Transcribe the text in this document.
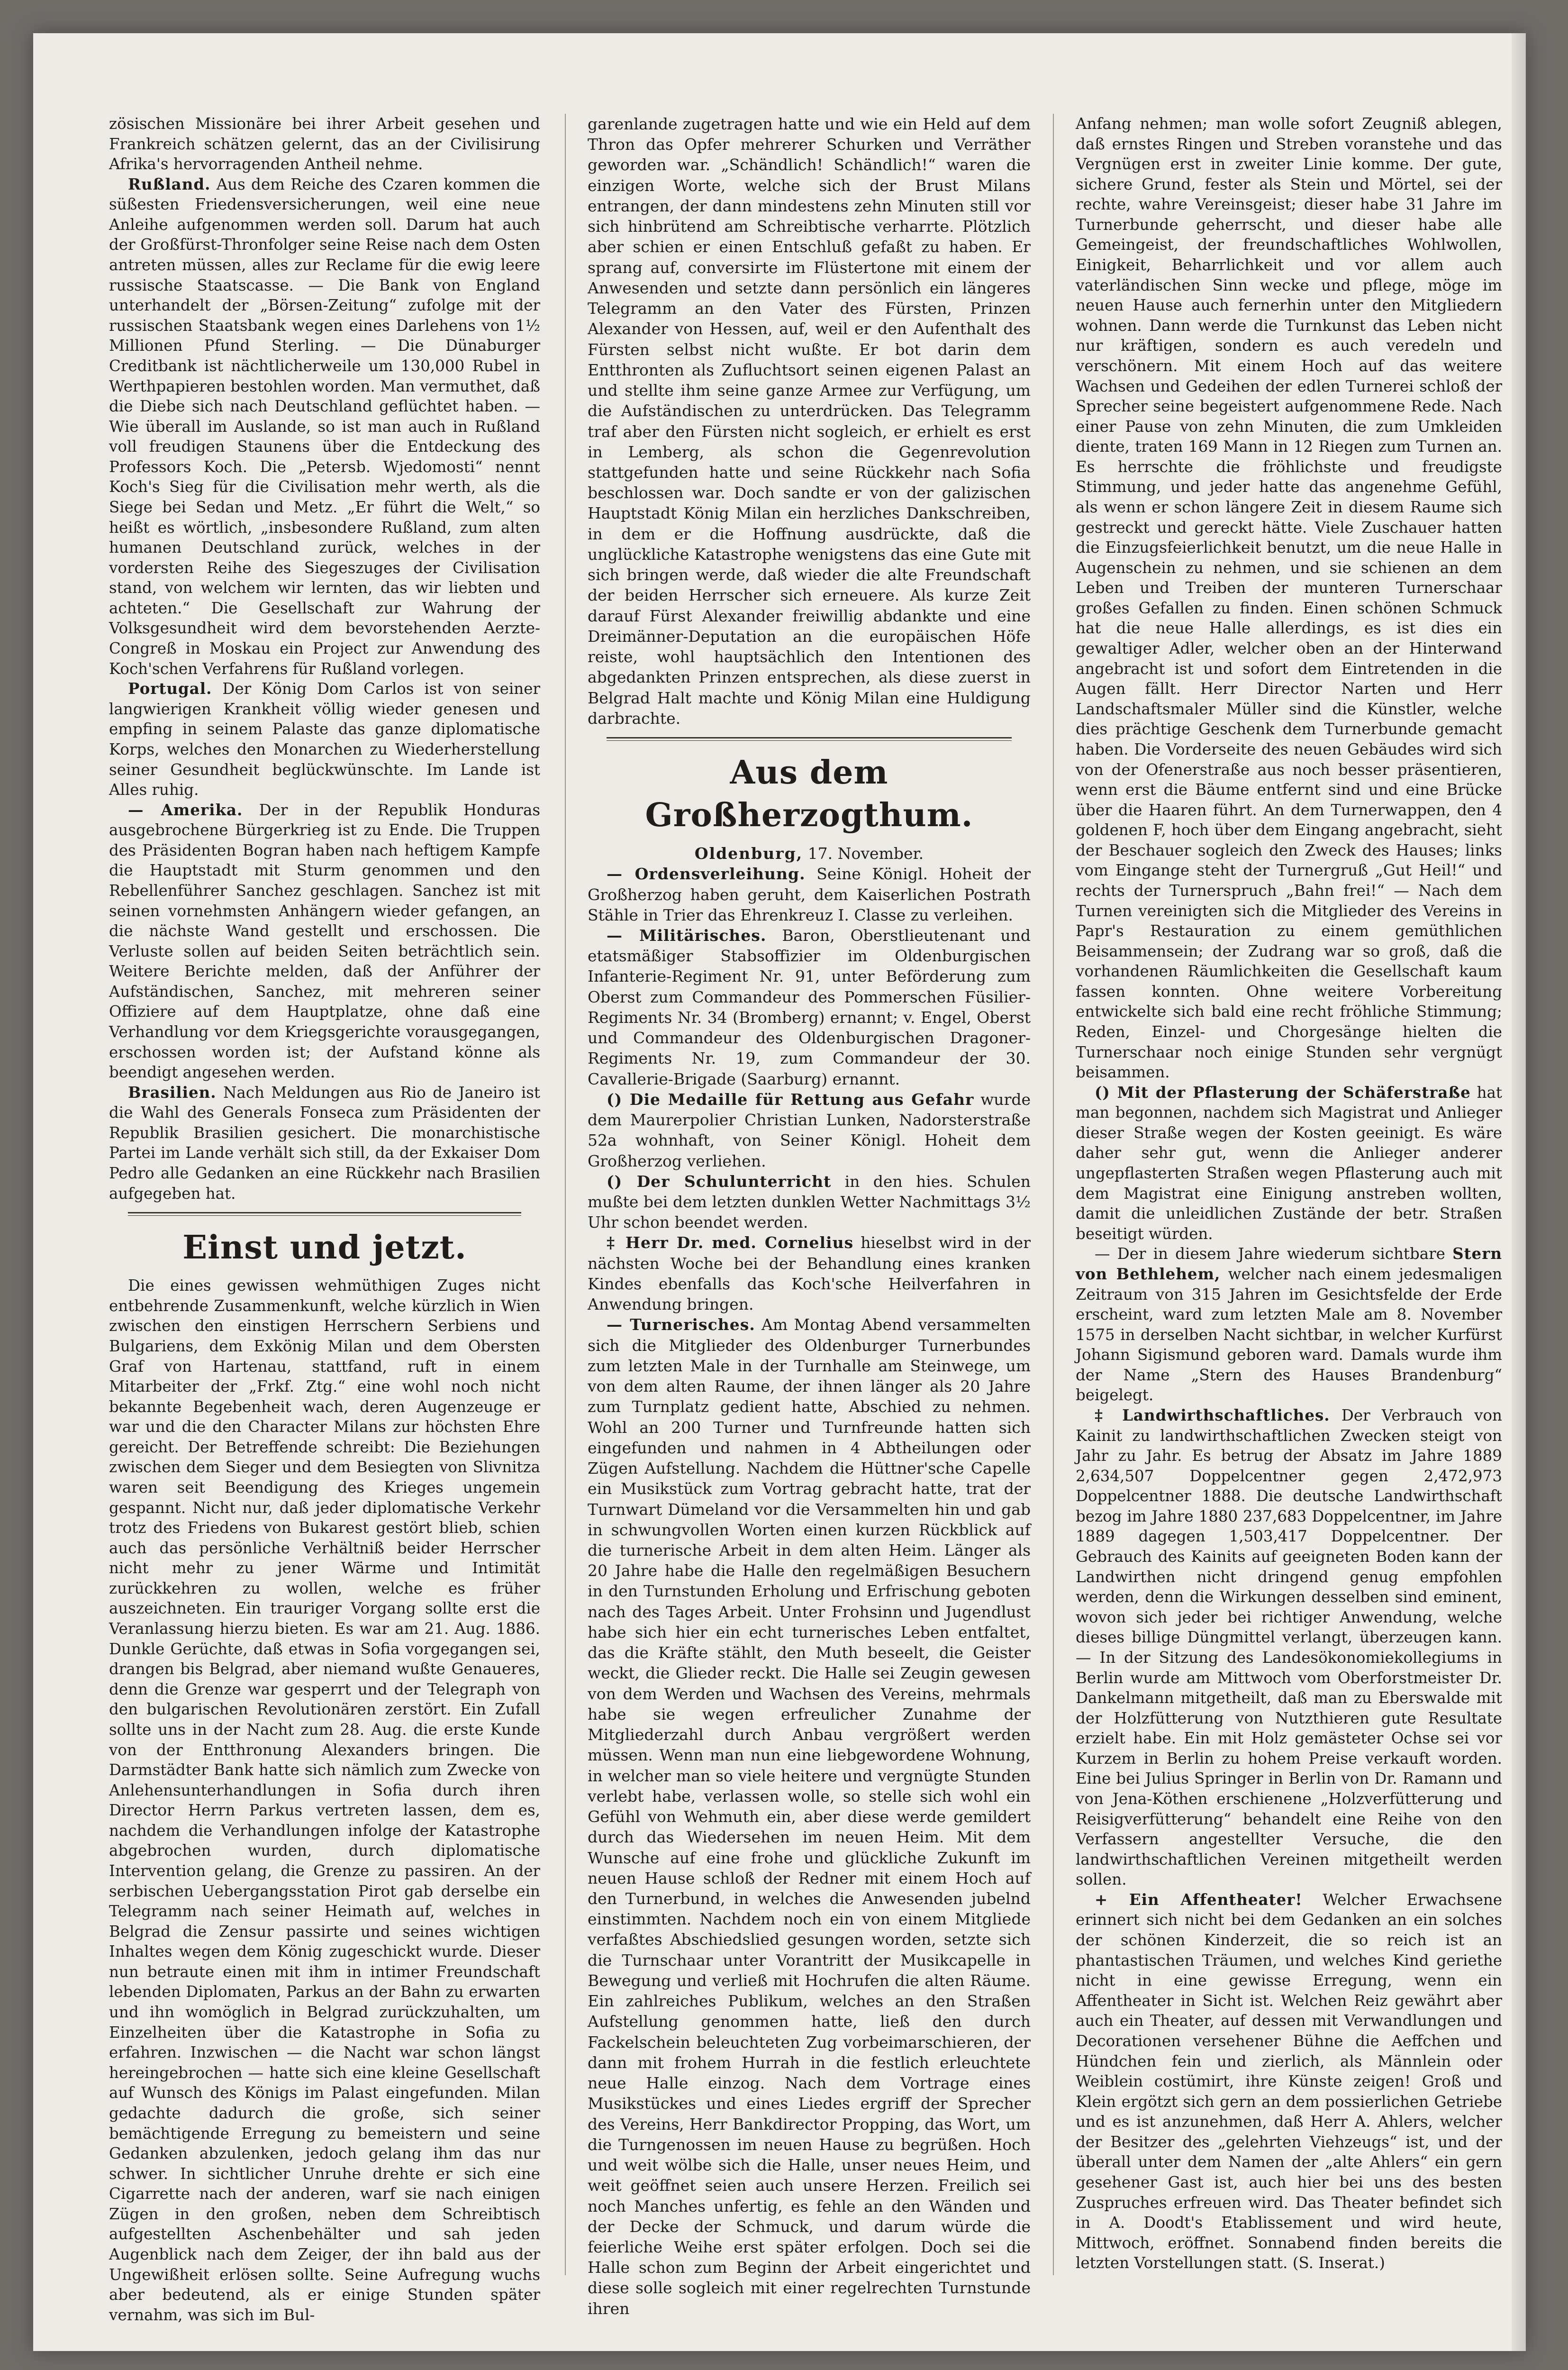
zösischen Missionäre bei ihrer Arbeit gesehen und Frankreich schätzen gelernt, das an der Civilisirung Afrika's hervorragenden Antheil nehme.

Rußland. Aus dem Reiche des Czaren kommen die süßesten Friedensversicherungen, weil eine neue Anleihe aufgenommen werden soll. Darum hat auch der Großfürst-Thronfolger seine Reise nach dem Osten antreten müssen, alles zur Reclame für die ewig leere russische Staatscasse. — Die Bank von England unterhandelt der „Börsen-Zeitung“ zufolge mit der russischen Staatsbank wegen eines Darlehens von 1½ Millionen Pfund Sterling. — Die Dünaburger Creditbank ist nächtlicherweile um 130,000 Rubel in Werthpapieren bestohlen worden. Man vermuthet, daß die Diebe sich nach Deutschland geflüchtet haben. — Wie überall im Auslande, so ist man auch in Rußland voll freudigen Staunens über die Entdeckung des Professors Koch. Die „Petersb. Wjedomosti“ nennt Koch's Sieg für die Civilisation mehr werth, als die Siege bei Sedan und Metz. „Er führt die Welt,“ so heißt es wörtlich, „insbesondere Rußland, zum alten humanen Deutschland zurück, welches in der vordersten Reihe des Siegeszuges der Civilisation stand, von welchem wir lernten, das wir liebten und achteten.“ Die Gesellschaft zur Wahrung der Volksgesundheit wird dem bevorstehenden Aerzte-Congreß in Moskau ein Project zur Anwendung des Koch'schen Verfahrens für Rußland vorlegen.

Portugal. Der König Dom Carlos ist von seiner langwierigen Krankheit völlig wieder genesen und empfing in seinem Palaste das ganze diplomatische Korps, welches den Monarchen zu Wiederherstellung seiner Gesundheit beglückwünschte. Im Lande ist Alles ruhig.

— Amerika. Der in der Republik Honduras ausgebrochene Bürgerkrieg ist zu Ende. Die Truppen des Präsidenten Bogran haben nach heftigem Kampfe die Hauptstadt mit Sturm genommen und den Rebellenführer Sanchez geschlagen. Sanchez ist mit seinen vornehmsten Anhängern wieder gefangen, an die nächste Wand gestellt und erschossen. Die Verluste sollen auf beiden Seiten beträchtlich sein. Weitere Berichte melden, daß der Anführer der Aufständischen, Sanchez, mit mehreren seiner Offiziere auf dem Hauptplatze, ohne daß eine Verhandlung vor dem Kriegsgerichte vorausgegangen, erschossen worden ist; der Aufstand könne als beendigt angesehen werden.

Brasilien. Nach Meldungen aus Rio de Janeiro ist die Wahl des Generals Fonseca zum Präsidenten der Republik Brasilien gesichert. Die monarchistische Partei im Lande verhält sich still, da der Exkaiser Dom Pedro alle Gedanken an eine Rückkehr nach Brasilien aufgegeben hat.

Einst und jetzt.

Die eines gewissen wehmüthigen Zuges nicht entbehrende Zusammenkunft, welche kürzlich in Wien zwischen den einstigen Herrschern Serbiens und Bulgariens, dem Exkönig Milan und dem Obersten Graf von Hartenau, stattfand, ruft in einem Mitarbeiter der „Frkf. Ztg.“ eine wohl noch nicht bekannte Begebenheit wach, deren Augenzeuge er war und die den Character Milans zur höchsten Ehre gereicht. Der Betreffende schreibt: Die Beziehungen zwischen dem Sieger und dem Besiegten von Slivnitza waren seit Beendigung des Krieges ungemein gespannt. Nicht nur, daß jeder diplomatische Verkehr trotz des Friedens von Bukarest gestört blieb, schien auch das persönliche Verhältniß beider Herrscher nicht mehr zu jener Wärme und Intimität zurückkehren zu wollen, welche es früher auszeichneten. Ein trauriger Vorgang sollte erst die Veranlassung hierzu bieten. Es war am 21. Aug. 1886. Dunkle Gerüchte, daß etwas in Sofia vorgegangen sei, drangen bis Belgrad, aber niemand wußte Genaueres, denn die Grenze war gesperrt und der Telegraph von den bulgarischen Revolutionären zerstört. Ein Zufall sollte uns in der Nacht zum 28. Aug. die erste Kunde von der Entthronung Alexanders bringen. Die Darmstädter Bank hatte sich nämlich zum Zwecke von Anlehensunterhandlungen in Sofia durch ihren Director Herrn Parkus vertreten lassen, dem es, nachdem die Verhandlungen infolge der Katastrophe abgebrochen wurden, durch diplomatische Intervention gelang, die Grenze zu passiren. An der serbischen Uebergangsstation Pirot gab derselbe ein Telegramm nach seiner Heimath auf, welches in Belgrad die Zensur passirte und seines wichtigen Inhaltes wegen dem König zugeschickt wurde. Dieser nun betraute einen mit ihm in intimer Freundschaft lebenden Diplomaten, Parkus an der Bahn zu erwarten und ihn womöglich in Belgrad zurückzuhalten, um Einzelheiten über die Katastrophe in Sofia zu erfahren. Inzwischen — die Nacht war schon längst hereingebrochen — hatte sich eine kleine Gesellschaft auf Wunsch des Königs im Palast eingefunden. Milan gedachte dadurch die große, sich seiner bemächtigende Erregung zu bemeistern und seine Gedanken abzulenken, jedoch gelang ihm das nur schwer. In sichtlicher Unruhe drehte er sich eine Cigarrette nach der anderen, warf sie nach einigen Zügen in den großen, neben dem Schreibtisch aufgestellten Aschenbehälter und sah jeden Augenblick nach dem Zeiger, der ihn bald aus der Ungewißheit erlösen sollte. Seine Aufregung wuchs aber bedeutend, als er einige Stunden später vernahm, was sich im Bul-

garenlande zugetragen hatte und wie ein Held auf dem Thron das Opfer mehrerer Schurken und Verräther geworden war. „Schändlich! Schändlich!“ waren die einzigen Worte, welche sich der Brust Milans entrangen, der dann mindestens zehn Minuten still vor sich hinbrütend am Schreibtische verharrte. Plötzlich aber schien er einen Entschluß gefaßt zu haben. Er sprang auf, conversirte im Flüstertone mit einem der Anwesenden und setzte dann persönlich ein längeres Telegramm an den Vater des Fürsten, Prinzen Alexander von Hessen, auf, weil er den Aufenthalt des Fürsten selbst nicht wußte. Er bot darin dem Entthronten als Zufluchtsort seinen eigenen Palast an und stellte ihm seine ganze Armee zur Verfügung, um die Aufständischen zu unterdrücken. Das Telegramm traf aber den Fürsten nicht sogleich, er erhielt es erst in Lemberg, als schon die Gegenrevolution stattgefunden hatte und seine Rückkehr nach Sofia beschlossen war. Doch sandte er von der galizischen Hauptstadt König Milan ein herzliches Dankschreiben, in dem er die Hoffnung ausdrückte, daß die unglückliche Katastrophe wenigstens das eine Gute mit sich bringen werde, daß wieder die alte Freundschaft der beiden Herrscher sich erneuere. Als kurze Zeit darauf Fürst Alexander freiwillig abdankte und eine Dreimänner-Deputation an die europäischen Höfe reiste, wohl hauptsächlich den Intentionen des abgedankten Prinzen entsprechen, als diese zuerst in Belgrad Halt machte und König Milan eine Huldigung darbrachte.

Aus dem Großherzogthum.

Oldenburg, 17. November.

— Ordensverleihung. Seine Königl. Hoheit der Großherzog haben geruht, dem Kaiserlichen Postrath Stähle in Trier das Ehrenkreuz I. Classe zu verleihen.

— Militärisches. Baron, Oberstlieutenant und etatsmäßiger Stabsoffizier im Oldenburgischen Infanterie-Regiment Nr. 91, unter Beförderung zum Oberst zum Commandeur des Pommerschen Füsilier-Regiments Nr. 34 (Bromberg) ernannt; v. Engel, Oberst und Commandeur des Oldenburgischen Dragoner-Regiments Nr. 19, zum Commandeur der 30. Cavallerie-Brigade (Saarburg) ernannt.

() Die Medaille für Rettung aus Gefahr wurde dem Maurerpolier Christian Lunken, Nadorsterstraße 52a wohnhaft, von Seiner Königl. Hoheit dem Großherzog verliehen.

() Der Schulunterricht in den hies. Schulen mußte bei dem letzten dunklen Wetter Nachmittags 3½ Uhr schon beendet werden.

‡ Herr Dr. med. Cornelius hieselbst wird in der nächsten Woche bei der Behandlung eines kranken Kindes ebenfalls das Koch'sche Heilverfahren in Anwendung bringen.

— Turnerisches. Am Montag Abend versammelten sich die Mitglieder des Oldenburger Turnerbundes zum letzten Male in der Turnhalle am Steinwege, um von dem alten Raume, der ihnen länger als 20 Jahre zum Turnplatz gedient hatte, Abschied zu nehmen. Wohl an 200 Turner und Turnfreunde hatten sich eingefunden und nahmen in 4 Abtheilungen oder Zügen Aufstellung. Nachdem die Hüttner'sche Capelle ein Musikstück zum Vortrag gebracht hatte, trat der Turnwart Dümeland vor die Versammelten hin und gab in schwungvollen Worten einen kurzen Rückblick auf die turnerische Arbeit in dem alten Heim. Länger als 20 Jahre habe die Halle den regelmäßigen Besuchern in den Turnstunden Erholung und Erfrischung geboten nach des Tages Arbeit. Unter Frohsinn und Jugendlust habe sich hier ein echt turnerisches Leben entfaltet, das die Kräfte stählt, den Muth beseelt, die Geister weckt, die Glieder reckt. Die Halle sei Zeugin gewesen von dem Werden und Wachsen des Vereins, mehrmals habe sie wegen erfreulicher Zunahme der Mitgliederzahl durch Anbau vergrößert werden müssen. Wenn man nun eine liebgewordene Wohnung, in welcher man so viele heitere und vergnügte Stunden verlebt habe, verlassen wolle, so stelle sich wohl ein Gefühl von Wehmuth ein, aber diese werde gemildert durch das Wiedersehen im neuen Heim. Mit dem Wunsche auf eine frohe und glückliche Zukunft im neuen Hause schloß der Redner mit einem Hoch auf den Turnerbund, in welches die Anwesenden jubelnd einstimmten. Nachdem noch ein von einem Mitgliede verfaßtes Abschiedslied gesungen worden, setzte sich die Turnschaar unter Vorantritt der Musikcapelle in Bewegung und verließ mit Hochrufen die alten Räume. Ein zahlreiches Publikum, welches an den Straßen Aufstellung genommen hatte, ließ den durch Fackelschein beleuchteten Zug vorbeimarschieren, der dann mit frohem Hurrah in die festlich erleuchtete neue Halle einzog. Nach dem Vortrage eines Musikstückes und eines Liedes ergriff der Sprecher des Vereins, Herr Bankdirector Propping, das Wort, um die Turngenossen im neuen Hause zu begrüßen. Hoch und weit wölbe sich die Halle, unser neues Heim, und weit geöffnet seien auch unsere Herzen. Freilich sei noch Manches unfertig, es fehle an den Wänden und der Decke der Schmuck, und darum würde die feierliche Weihe erst später erfolgen. Doch sei die Halle schon zum Beginn der Arbeit eingerichtet und diese solle sogleich mit einer regelrechten Turnstunde ihren

Anfang nehmen; man wolle sofort Zeugniß ablegen, daß ernstes Ringen und Streben voranstehe und das Vergnügen erst in zweiter Linie komme. Der gute, sichere Grund, fester als Stein und Mörtel, sei der rechte, wahre Vereinsgeist; dieser habe 31 Jahre im Turnerbunde geherrscht, und dieser habe alle Gemeingeist, der freundschaftliches Wohlwollen, Einigkeit, Beharrlichkeit und vor allem auch vaterländischen Sinn wecke und pflege, möge im neuen Hause auch fernerhin unter den Mitgliedern wohnen. Dann werde die Turnkunst das Leben nicht nur kräftigen, sondern es auch veredeln und verschönern. Mit einem Hoch auf das weitere Wachsen und Gedeihen der edlen Turnerei schloß der Sprecher seine begeistert aufgenommene Rede. Nach einer Pause von zehn Minuten, die zum Umkleiden diente, traten 169 Mann in 12 Riegen zum Turnen an. Es herrschte die fröhlichste und freudigste Stimmung, und jeder hatte das angenehme Gefühl, als wenn er schon längere Zeit in diesem Raume sich gestreckt und gereckt hätte. Viele Zuschauer hatten die Einzugsfeierlichkeit benutzt, um die neue Halle in Augenschein zu nehmen, und sie schienen an dem Leben und Treiben der munteren Turnerschaar großes Gefallen zu finden. Einen schönen Schmuck hat die neue Halle allerdings, es ist dies ein gewaltiger Adler, welcher oben an der Hinterwand angebracht ist und sofort dem Eintretenden in die Augen fällt. Herr Director Narten und Herr Landschaftsmaler Müller sind die Künstler, welche dies prächtige Geschenk dem Turnerbunde gemacht haben. Die Vorderseite des neuen Gebäudes wird sich von der Ofenerstraße aus noch besser präsentieren, wenn erst die Bäume entfernt sind und eine Brücke über die Haaren führt. An dem Turnerwappen, den 4 goldenen F, hoch über dem Eingang angebracht, sieht der Beschauer sogleich den Zweck des Hauses; links vom Eingange steht der Turnergruß „Gut Heil!“ und rechts der Turnerspruch „Bahn frei!“ — Nach dem Turnen vereinigten sich die Mitglieder des Vereins in Papr's Restauration zu einem gemüthlichen Beisammensein; der Zudrang war so groß, daß die vorhandenen Räumlichkeiten die Gesellschaft kaum fassen konnten. Ohne weitere Vorbereitung entwickelte sich bald eine recht fröhliche Stimmung; Reden, Einzel- und Chorgesänge hielten die Turnerschaar noch einige Stunden sehr vergnügt beisammen.

() Mit der Pflasterung der Schäferstraße hat man begonnen, nachdem sich Magistrat und Anlieger dieser Straße wegen der Kosten geeinigt. Es wäre daher sehr gut, wenn die Anlieger anderer ungepflasterten Straßen wegen Pflasterung auch mit dem Magistrat eine Einigung anstreben wollten, damit die unleidlichen Zustände der betr. Straßen beseitigt würden.

— Der in diesem Jahre wiederum sichtbare Stern von Bethlehem, welcher nach einem jedesmaligen Zeitraum von 315 Jahren im Gesichtsfelde der Erde erscheint, ward zum letzten Male am 8. November 1575 in derselben Nacht sichtbar, in welcher Kurfürst Johann Sigismund geboren ward. Damals wurde ihm der Name „Stern des Hauses Brandenburg“ beigelegt.

‡ Landwirthschaftliches. Der Verbrauch von Kainit zu landwirthschaftlichen Zwecken steigt von Jahr zu Jahr. Es betrug der Absatz im Jahre 1889 2,634,507 Doppelcentner gegen 2,472,973 Doppelcentner 1888. Die deutsche Landwirthschaft bezog im Jahre 1880 237,683 Doppelcentner, im Jahre 1889 dagegen 1,503,417 Doppelcentner. Der Gebrauch des Kainits auf geeigneten Boden kann der Landwirthen nicht dringend genug empfohlen werden, denn die Wirkungen desselben sind eminent, wovon sich jeder bei richtiger Anwendung, welche dieses billige Düngmittel verlangt, überzeugen kann. — In der Sitzung des Landesökonomiekollegiums in Berlin wurde am Mittwoch vom Oberforstmeister Dr. Dankelmann mitgetheilt, daß man zu Eberswalde mit der Holzfütterung von Nutzthieren gute Resultate erzielt habe. Ein mit Holz gemästeter Ochse sei vor Kurzem in Berlin zu hohem Preise verkauft worden. Eine bei Julius Springer in Berlin von Dr. Ramann und von Jena-Köthen erschienene „Holzverfütterung und Reisigverfütterung“ behandelt eine Reihe von den Verfassern angestellter Versuche, die den landwirthschaftlichen Vereinen mitgetheilt werden sollen.

+ Ein Affentheater! Welcher Erwachsene erinnert sich nicht bei dem Gedanken an ein solches der schönen Kinderzeit, die so reich ist an phantastischen Träumen, und welches Kind geriethe nicht in eine gewisse Erregung, wenn ein Affentheater in Sicht ist. Welchen Reiz gewährt aber auch ein Theater, auf dessen mit Verwandlungen und Decorationen versehener Bühne die Aeffchen und Hündchen fein und zierlich, als Männlein oder Weiblein costümirt, ihre Künste zeigen! Groß und Klein ergötzt sich gern an dem possierlichen Getriebe und es ist anzunehmen, daß Herr A. Ahlers, welcher der Besitzer des „gelehrten Viehzeugs“ ist, und der überall unter dem Namen der „alte Ahlers“ ein gern gesehener Gast ist, auch hier bei uns des besten Zuspruches erfreuen wird. Das Theater befindet sich in A. Doodt's Etablissement und wird heute, Mittwoch, eröffnet. Sonnabend finden bereits die letzten Vorstellungen statt. (S. Inserat.)
